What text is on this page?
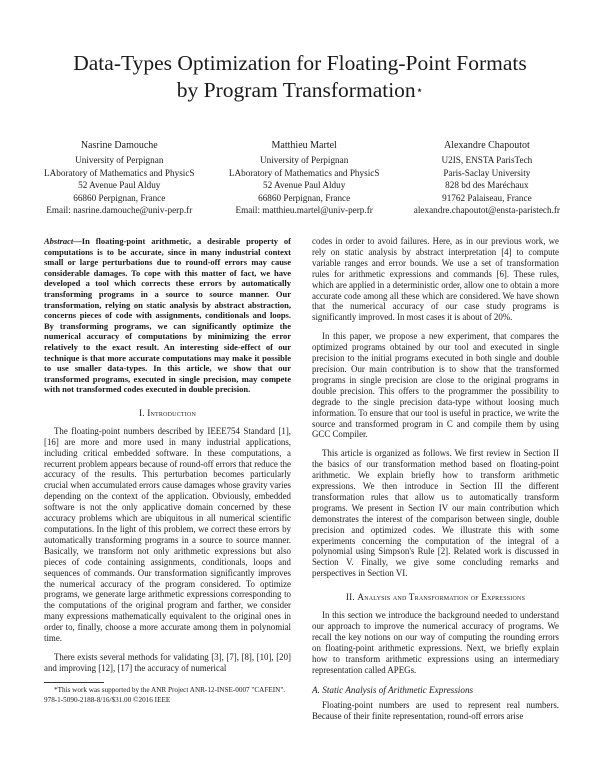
Data-Types Optimization for Floating-Point Formats
by Program Transformation⋆
Nasrine Damouche
University of Perpignan
LAboratory of Mathematics and PhysicS
52 Avenue Paul Alduy
66860 Perpignan, France
Email: nasrine.damouche@univ-perp.fr
Matthieu Martel
University of Perpignan
LAboratory of Mathematics and PhysicS
52 Avenue Paul Alduy
66860 Perpignan, France
Email: matthieu.martel@univ-perp.fr
Alexandre Chapoutot
U2IS, ENSTA ParisTech
Paris-Saclay University
828 bd des Maréchaux
91762 Palaiseau, France
alexandre.chapoutot@ensta-paristech.fr

Abstract—In floating-point arithmetic, a desirable property of computations is to be accurate, since in many industrial context small or large perturbations due to round-off errors may cause considerable damages. To cope with this matter of fact, we have developed a tool which corrects these errors by automatically transforming programs in a source to source manner. Our transformation, relying on static analysis by abstract abstraction, concerns pieces of code with assignments, conditionals and loops. By transforming programs, we can significantly optimize the numerical accuracy of computations by minimizing the error relatively to the exact result. An interesting side-effect of our technique is that more accurate computations may make it possible to use smaller data-types. In this article, we show that our transformed programs, executed in single precision, may compete with not transformed codes executed in double precision.

I. Introduction

The floating-point numbers described by IEEE754 Standard [1], [16] are more and more used in many industrial applications, including critical embedded software. In these computations, a recurrent problem appears because of round-off errors that reduce the accuracy of the results. This perturbation becomes particularly crucial when accumulated errors cause damages whose gravity varies depending on the context of the application. Obviously, embedded software is not the only applicative domain concerned by these accuracy problems which are ubiquitous in all numerical scientific computations. In the light of this problem, we correct these errors by automatically transforming programs in a source to source manner. Basically, we transform not only arithmetic expressions but also pieces of code containing assignments, conditionals, loops and sequences of commands. Our transformation significantly improves the numerical accuracy of the program considered. To optimize programs, we generate large arithmetic expressions corresponding to the computations of the original program and farther, we consider many expressions mathematically equivalent to the original ones in order to, finally, choose a more accurate among them in polynomial time.

There exists several methods for validating [3], [7], [8], [10], [20] and improving [12], [17] the accuracy of numerical

*This work was supported by the ANR Project ANR-12-INSE-0007 "CAFEIN".

978-1-5090-2188-8/16/$31.00 ©2016 IEEE

codes in order to avoid failures. Here, as in our previous work, we rely on static analysis by abstract interpretation [4] to compute variable ranges and error bounds. We use a set of transformation rules for arithmetic expressions and commands [6]. These rules, which are applied in a deterministic order, allow one to obtain a more accurate code among all these which are considered. We have shown that the numerical accuracy of our case study programs is significantly improved. In most cases it is about of 20%.

In this paper, we propose a new experiment, that compares the optimized programs obtained by our tool and executed in single precision to the initial programs executed in both single and double precision. Our main contribution is to show that the transformed programs in single precision are close to the original programs in double precision. This offers to the programmer the possibility to degrade to the single precision data-type without loosing much information. To ensure that our tool is useful in practice, we write the source and transformed program in C and compile them by using GCC Compiler.

This article is organized as follows. We first review in Section II the basics of our transformation method based on floating-point arithmetic. We explain briefly how to transform arithmetic expressions. We then introduce in Section III the different transformation rules that allow us to automatically transform programs. We present in Section IV our main contribution which demonstrates the interest of the comparison between single, double precision and optimized codes. We illustrate this with some experiments concerning the computation of the integral of a polynomial using Simpson's Rule [2]. Related work is discussed in Section V. Finally, we give some concluding remarks and perspectives in Section VI.

II. Analysis and Transformation of Expressions

In this section we introduce the background needed to understand our approach to improve the numerical accuracy of programs. We recall the key notions on our way of computing the rounding errors on floating-point arithmetic expressions. Next, we briefly explain how to transform arithmetic expressions using an intermediary representation called APEGs.

A. Static Analysis of Arithmetic Expressions

Floating-point numbers are used to represent real numbers. Because of their finite representation, round-off errors arise
